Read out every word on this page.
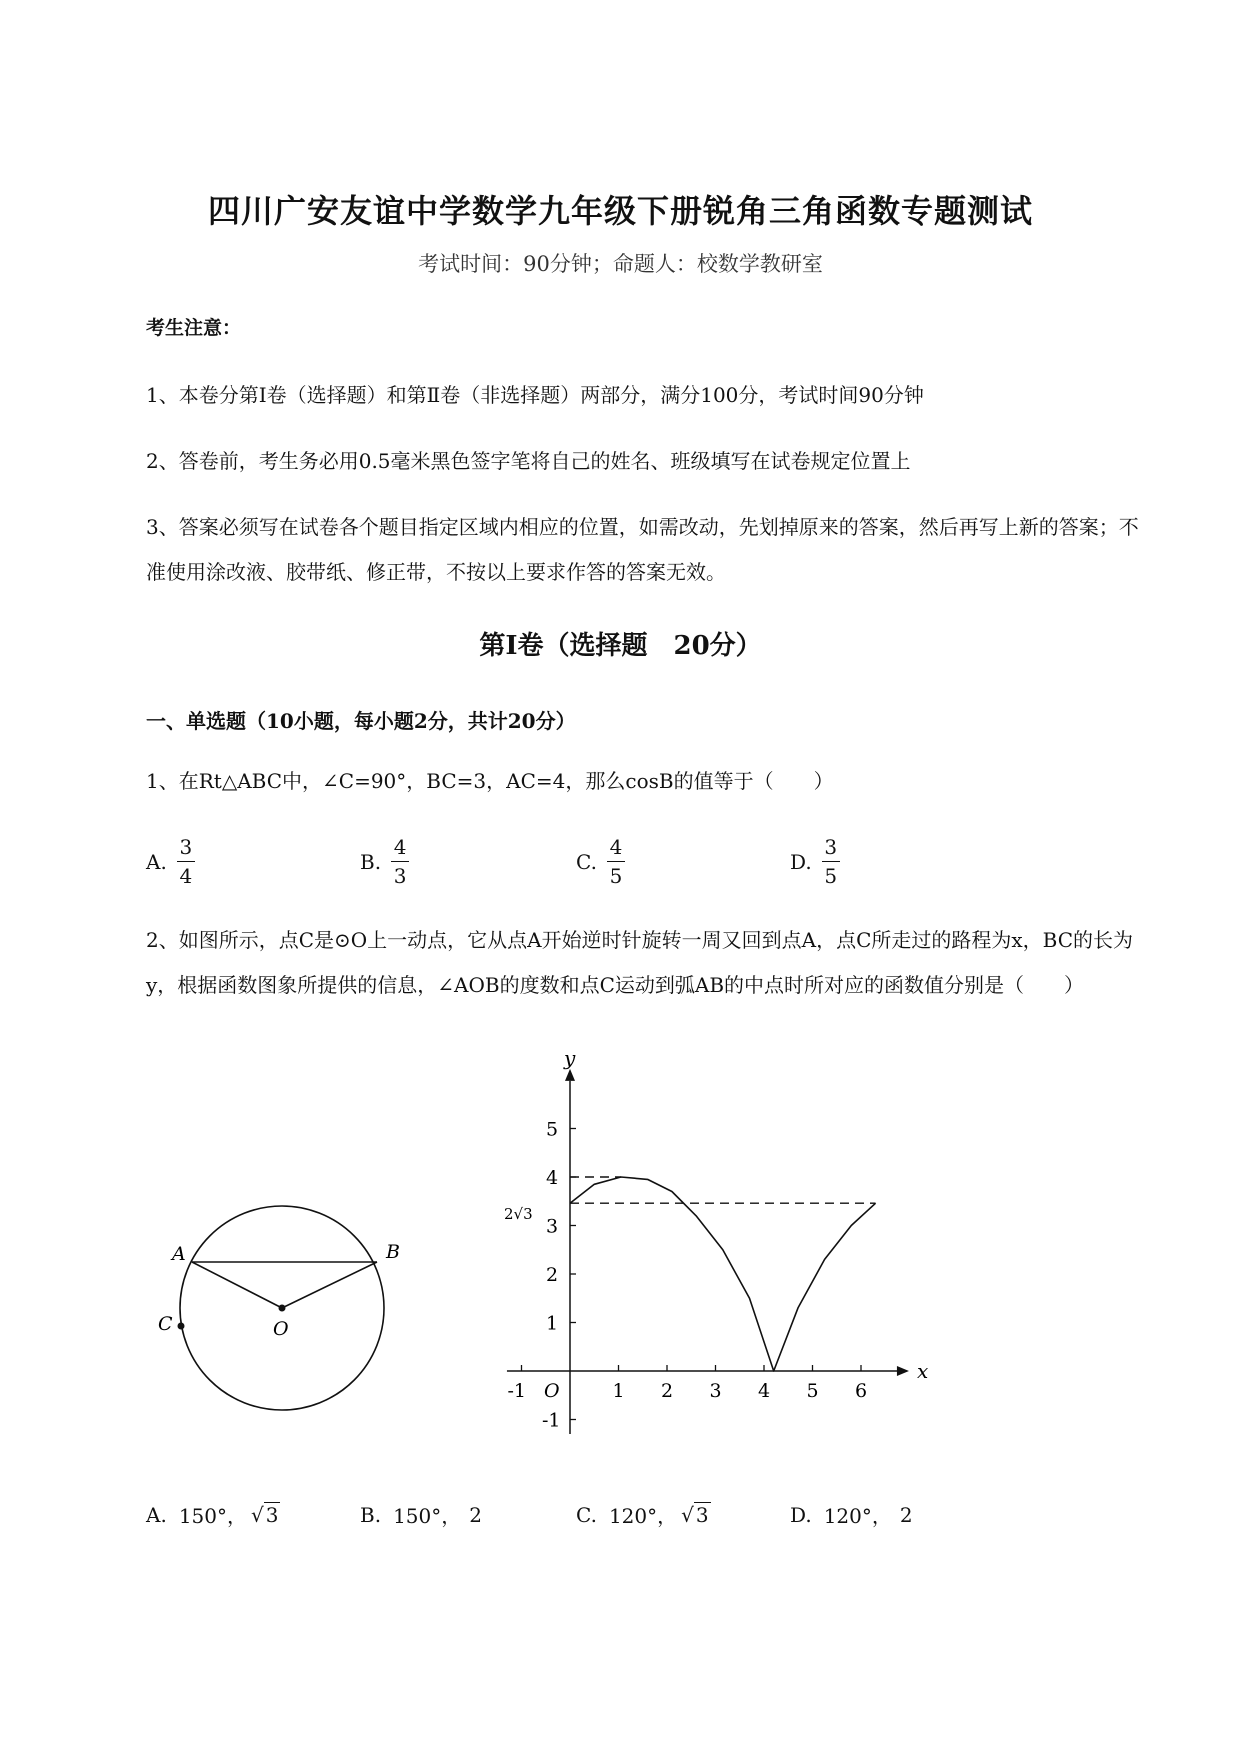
四川广安友谊中学数学九年级下册锐角三角函数专题测试
考试时间：90分钟；命题人：校数学教研室
考生注意：
1、本卷分第I卷（选择题）和第Ⅱ卷（非选择题）两部分，满分100分，考试时间90分钟
2、答卷前，考生务必用0.5毫米黑色签字笔将自己的姓名、班级填写在试卷规定位置上
3、答案必须写在试卷各个题目指定区域内相应的位置，如需改动，先划掉原来的答案，然后再写上新的答案；不准使用涂改液、胶带纸、修正带，不按以上要求作答的答案无效。
第I卷（选择题　20分）
一、单选题（10小题，每小题2分，共计20分）
1、在Rt△ABC中，∠C=90°，BC=3，AC=4，那么cosB的值等于（　　）
A. $\frac{3}{4}$	B. $\frac{4}{3}$	C. $\frac{4}{5}$	D. $\frac{3}{5}$
2、如图所示，点C是⊙O上一动点，它从点A开始逆时针旋转一周又回到点A，点C所走过的路程为x，BC的长为y，根据函数图象所提供的信息，∠AOB的度数和点C运动到弧AB的中点时所对应的函数值分别是（　　）
A	B
C	O
x
y
O
-1	1 2 3 4 5 6
-1
1
2
3
4
5
2√3
A. 150°， √ 3	B. 150°， 2	C. 120°， √ 3	D. 120°， 2
